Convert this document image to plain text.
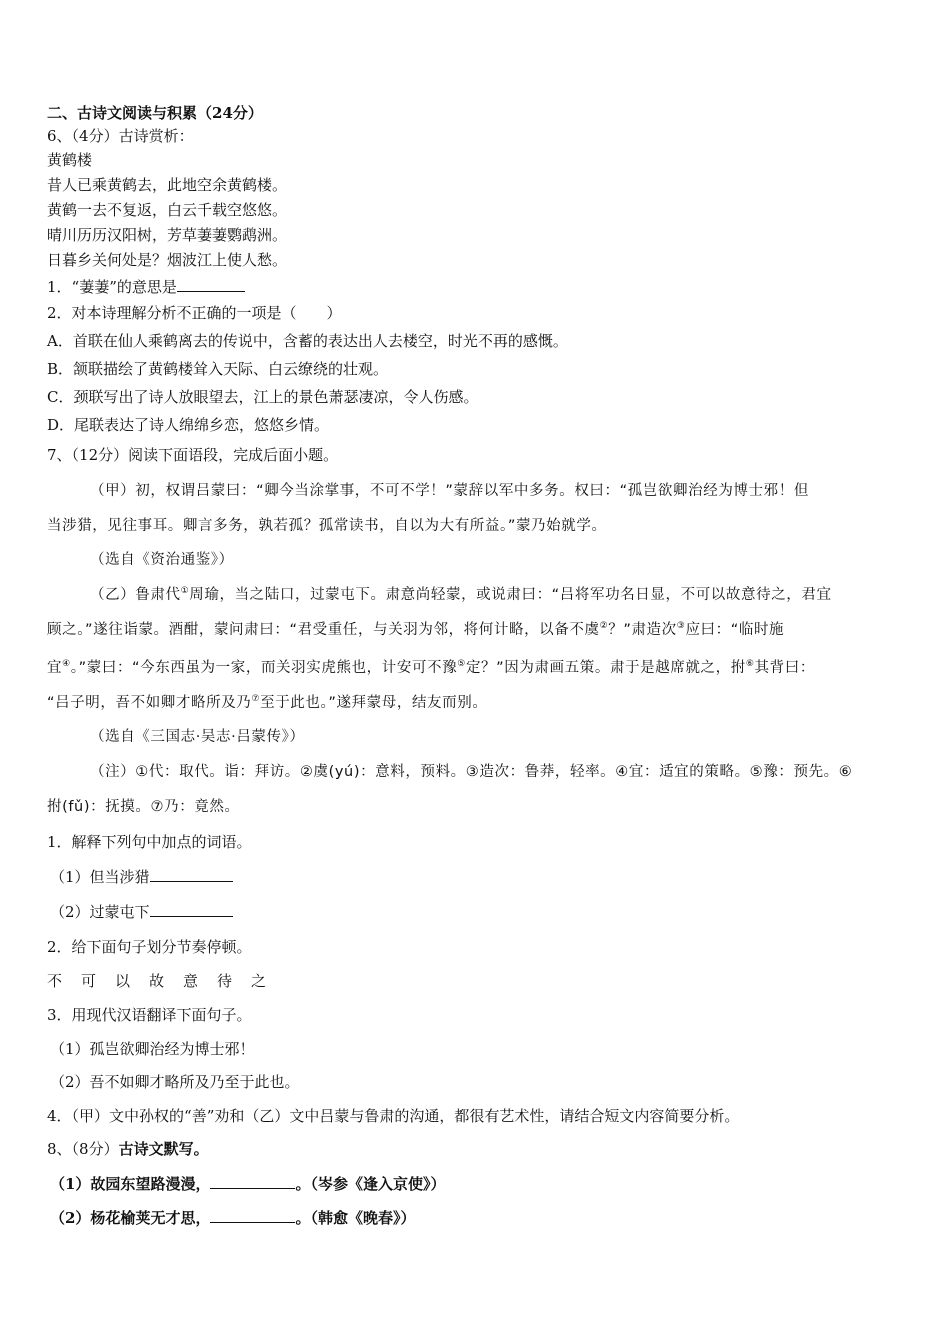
二、古诗文阅读与积累（24分）
6、（4分）古诗赏析：
黄鹤楼
昔人已乘黄鹤去，此地空余黄鹤楼。
黄鹤一去不复返，白云千载空悠悠。
晴川历历汉阳树，芳草萋萋鹦鹉洲。
日暮乡关何处是？烟波江上使人愁。
1．“萋萋”的意思是
2．对本诗理解分析不正确的一项是（　　）
A．首联在仙人乘鹤离去的传说中，含蓄的表达出人去楼空，时光不再的感慨。
B．颔联描绘了黄鹤楼耸入天际、白云缭绕的壮观。
C．颈联写出了诗人放眼望去，江上的景色萧瑟凄凉，令人伤感。
D．尾联表达了诗人绵绵乡恋，悠悠乡情。
7、（12分）阅读下面语段，完成后面小题。
（甲）初，权谓吕蒙曰：“卿今当涂掌事，不可不学！”蒙辞以军中多务。权曰：“孤岂欲卿治经为博士邪！但
当涉猎，见往事耳。卿言多务，孰若孤？孤常读书，自以为大有所益。”蒙乃始就学。
（选自《资治通鉴》）
（乙）鲁肃代①周瑜，当之陆口，过蒙屯下。肃意尚轻蒙，或说肃曰：“吕将军功名日显，不可以故意待之，君宜
顾之。”遂往诣蒙。酒酣，蒙问肃曰：“君受重任，与关羽为邻，将何计略，以备不虞②？”肃造次③应曰：“临时施
宜④。”蒙曰：“今东西虽为一家，而关羽实虎熊也，计安可不豫⑤定？”因为肃画五策。肃于是越席就之，拊⑥其背曰：
“吕子明，吾不如卿才略所及乃⑦至于此也。”遂拜蒙母，结友而别。
（选自《三国志·吴志·吕蒙传》）
（注）①代：取代。诣：拜访。②虞(yú)：意料，预料。③造次：鲁莽，轻率。④宜：适宜的策略。⑤豫：预先。⑥
拊(fǔ)：抚摸。⑦乃：竟然。
1．解释下列句中加点的词语。
（1）但当涉猎
（2）过蒙屯下
2．给下面句子划分节奏停顿。
不 可 以 故 意 待 之
3．用现代汉语翻译下面句子。
（1）孤岂欲卿治经为博士邪！
（2）吾不如卿才略所及乃至于此也。
4．（甲）文中孙权的“善”劝和（乙）文中吕蒙与鲁肃的沟通，都很有艺术性，请结合短文内容简要分析。
8、（8分）古诗文默写。
（1）故园东望路漫漫，	。（岑参《逢入京使》）
（2）杨花榆荚无才思，	。（韩愈《晚春》）
